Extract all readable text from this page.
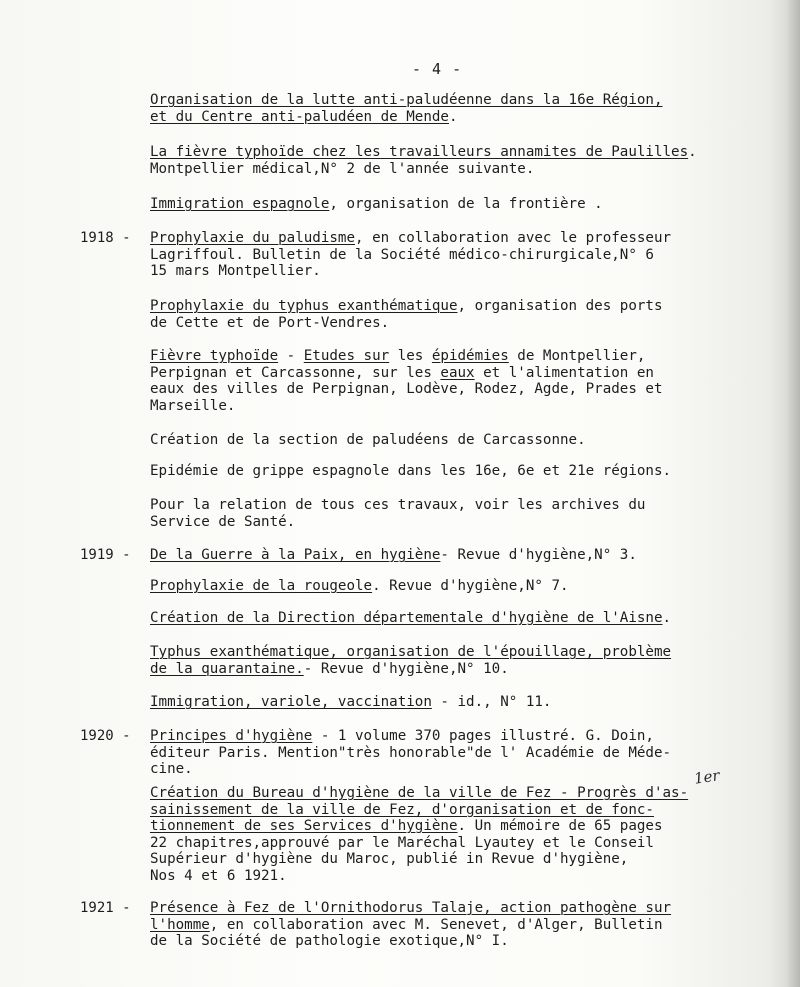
- 4 -
Organisation de la lutte anti-paludéenne dans la 16e Région,
et du Centre anti-paludéen de Mende.
La fièvre typhoïde chez les travailleurs annamites de Paulilles.
Montpellier médical,N° 2 de l'année suivante.
Immigration espagnole, organisation de la frontière .
1918 - Prophylaxie du paludisme, en collaboration avec le professeur
Lagriffoul. Bulletin de la Société médico-chirurgicale,N° 6
15 mars Montpellier.
Prophylaxie du typhus exanthématique, organisation des ports
de Cette et de Port-Vendres.
Fièvre typhoïde - Etudes sur les épidémies de Montpellier,
Perpignan et Carcassonne, sur les eaux et l'alimentation en
eaux des villes de Perpignan, Lodève, Rodez, Agde, Prades et
Marseille.
Création de la section de paludéens de Carcassonne.
Epidémie de grippe espagnole dans les 16e, 6e et 21e régions.
Pour la relation de tous ces travaux, voir les archives du
Service de Santé.
1919 - De la Guerre à la Paix, en hygiène- Revue d'hygiène,N° 3.
Prophylaxie de la rougeole. Revue d'hygiène,N° 7.
Création de la Direction départementale d'hygiène de l'Aisne.
Typhus exanthématique, organisation de l'épouillage, problème
de la quarantaine.- Revue d'hygiène,N° 10.
Immigration, variole, vaccination - id., N° 11.
1920 - Principes d'hygiène - 1 volume 370 pages illustré. G. Doin,
éditeur Paris. Mention"très honorable"de l' Académie de Méde-
cine.
Création du Bureau d'hygiène de la ville de Fez - Progrès d'as-
sainissement de la ville de Fez, d'organisation et de fonc-
tionnement de ses Services d'hygiène. Un mémoire de 65 pages
22 chapitres,approuvé par le Maréchal Lyautey et le Conseil
Supérieur d'hygiène du Maroc, publié in Revue d'hygiène,
Nos 4 et 6 1921.
1921 - Présence à Fez de l'Ornithodorus Talaje, action pathogène sur
l'homme, en collaboration avec M. Senevet, d'Alger, Bulletin
de la Société de pathologie exotique,N° I.
1er
